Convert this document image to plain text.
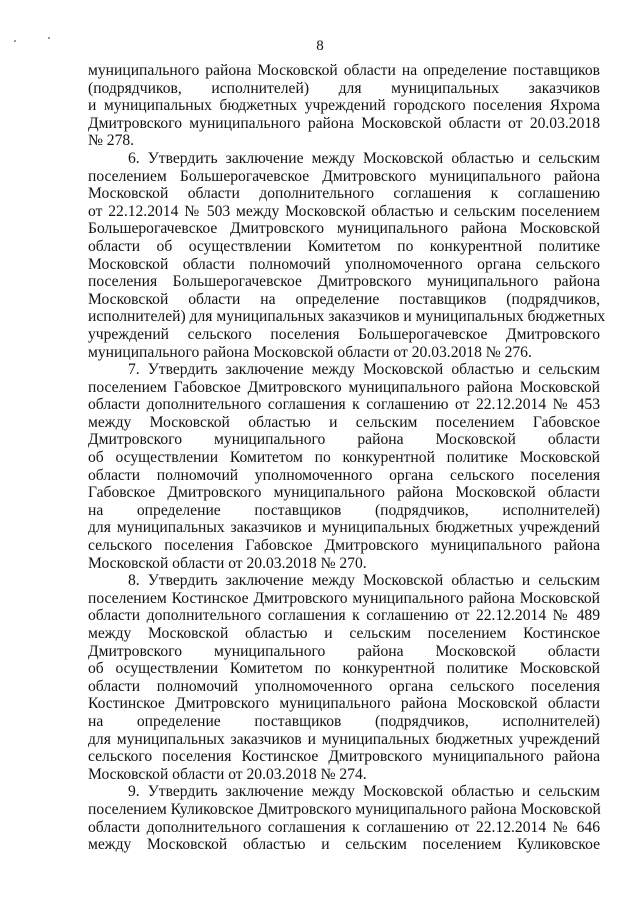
8
муниципального района Московской области на определение поставщиков
(подрядчиков, исполнителей) для муниципальных заказчиков
и муниципальных бюджетных учреждений городского поселения Яхрома
Дмитровского муниципального района Московской области от 20.03.2018
№ 278.
6. Утвердить заключение между Московской областью и сельским
поселением Большерогачевское Дмитровского муниципального района
Московской области дополнительного соглашения к соглашению
от 22.12.2014 № 503 между Московской областью и сельским поселением
Большерогачевское Дмитровского муниципального района Московской
области об осуществлении Комитетом по конкурентной политике
Московской области полномочий уполномоченного органа сельского
поселения Большерогачевское Дмитровского муниципального района
Московской области на определение поставщиков (подрядчиков,
исполнителей) для муниципальных заказчиков и муниципальных бюджетных
учреждений сельского поселения Большерогачевское Дмитровского
муниципального района Московской области от 20.03.2018 № 276.
7. Утвердить заключение между Московской областью и сельским
поселением Габовское Дмитровского муниципального района Московской
области дополнительного соглашения к соглашению от 22.12.2014 № 453
между Московской областью и сельским поселением Габовское
Дмитровского муниципального района Московской области
об осуществлении Комитетом по конкурентной политике Московской
области полномочий уполномоченного органа сельского поселения
Габовское Дмитровского муниципального района Московской области
на определение поставщиков (подрядчиков, исполнителей)
для муниципальных заказчиков и муниципальных бюджетных учреждений
сельского поселения Габовское Дмитровского муниципального района
Московской области от 20.03.2018 № 270.
8. Утвердить заключение между Московской областью и сельским
поселением Костинское Дмитровского муниципального района Московской
области дополнительного соглашения к соглашению от 22.12.2014 № 489
между Московской областью и сельским поселением Костинское
Дмитровского муниципального района Московской области
об осуществлении Комитетом по конкурентной политике Московской
области полномочий уполномоченного органа сельского поселения
Костинское Дмитровского муниципального района Московской области
на определение поставщиков (подрядчиков, исполнителей)
для муниципальных заказчиков и муниципальных бюджетных учреждений
сельского поселения Костинское Дмитровского муниципального района
Московской области от 20.03.2018 № 274.
9. Утвердить заключение между Московской областью и сельским
поселением Куликовское Дмитровского муниципального района Московской
области дополнительного соглашения к соглашению от 22.12.2014 № 646
между Московской областью и сельским поселением Куликовское
